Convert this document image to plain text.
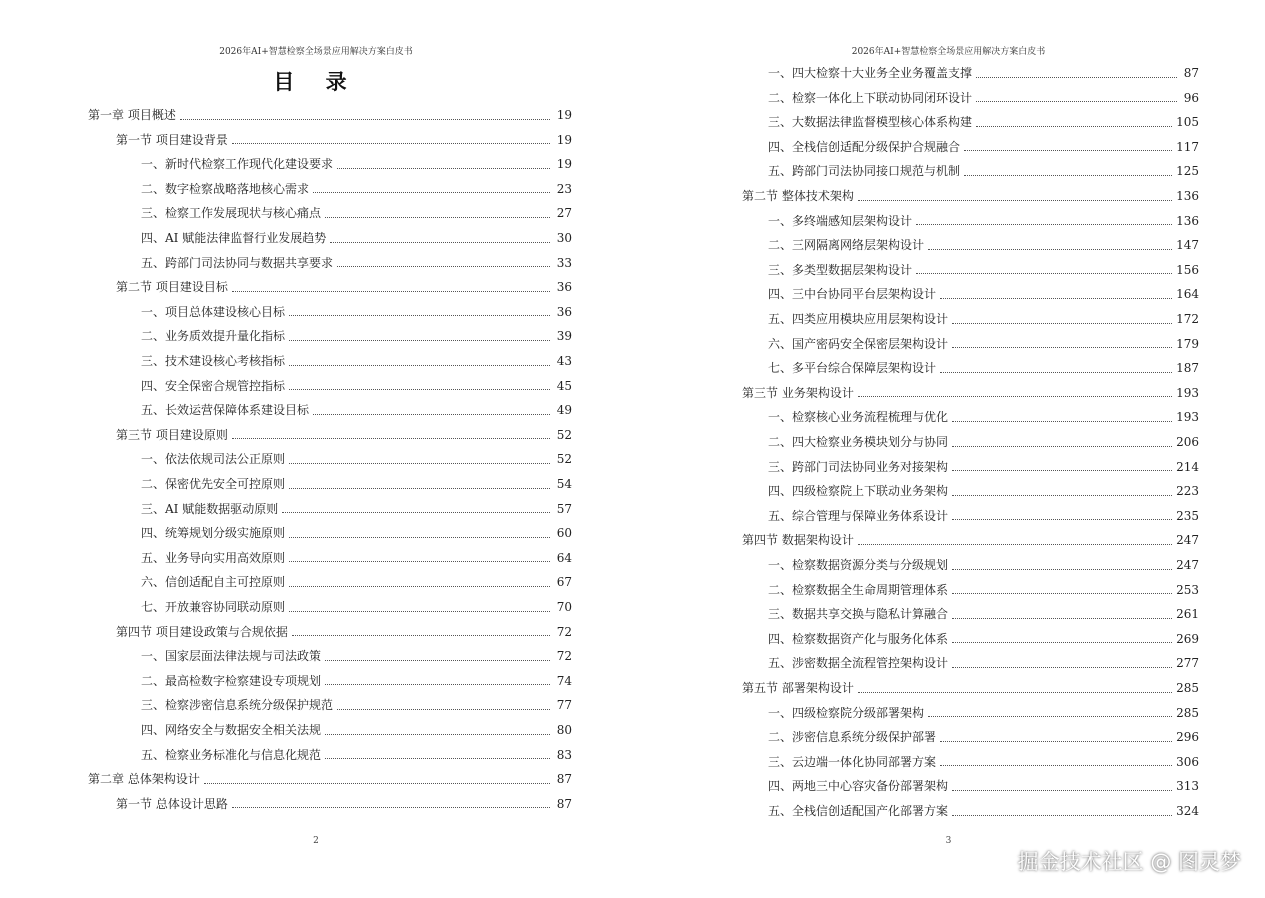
2026年AI+智慧检察全场景应用解决方案白皮书
目 录
第一章 项目概述	19
第一节 项目建设背景	19
一、新时代检察工作现代化建设要求	19
二、数字检察战略落地核心需求	23
三、检察工作发展现状与核心痛点	27
四、AI 赋能法律监督行业发展趋势	30
五、跨部门司法协同与数据共享要求	33
第二节 项目建设目标	36
一、项目总体建设核心目标	36
二、业务质效提升量化指标	39
三、技术建设核心考核指标	43
四、安全保密合规管控指标	45
五、长效运营保障体系建设目标	49
第三节 项目建设原则	52
一、依法依规司法公正原则	52
二、保密优先安全可控原则	54
三、AI 赋能数据驱动原则	57
四、统筹规划分级实施原则	60
五、业务导向实用高效原则	64
六、信创适配自主可控原则	67
七、开放兼容协同联动原则	70
第四节 项目建设政策与合规依据	72
一、国家层面法律法规与司法政策	72
二、最高检数字检察建设专项规划	74
三、检察涉密信息系统分级保护规范	77
四、网络安全与数据安全相关法规	80
五、检察业务标准化与信息化规范	83
第二章 总体架构设计	87
第一节 总体设计思路	87
2
2026年AI+智慧检察全场景应用解决方案白皮书
一、四大检察十大业务全业务覆盖支撑	87
二、检察一体化上下联动协同闭环设计	96
三、大数据法律监督模型核心体系构建	105
四、全栈信创适配分级保护合规融合	117
五、跨部门司法协同接口规范与机制	125
第二节 整体技术架构	136
一、多终端感知层架构设计	136
二、三网隔离网络层架构设计	147
三、多类型数据层架构设计	156
四、三中台协同平台层架构设计	164
五、四类应用模块应用层架构设计	172
六、国产密码安全保密层架构设计	179
七、多平台综合保障层架构设计	187
第三节 业务架构设计	193
一、检察核心业务流程梳理与优化	193
二、四大检察业务模块划分与协同	206
三、跨部门司法协同业务对接架构	214
四、四级检察院上下联动业务架构	223
五、综合管理与保障业务体系设计	235
第四节 数据架构设计	247
一、检察数据资源分类与分级规划	247
二、检察数据全生命周期管理体系	253
三、数据共享交换与隐私计算融合	261
四、检察数据资产化与服务化体系	269
五、涉密数据全流程管控架构设计	277
第五节 部署架构设计	285
一、四级检察院分级部署架构	285
二、涉密信息系统分级保护部署	296
三、云边端一体化协同部署方案	306
四、两地三中心容灾备份部署架构	313
五、全栈信创适配国产化部署方案	324
3
掘金技术社区 @ 图灵梦
